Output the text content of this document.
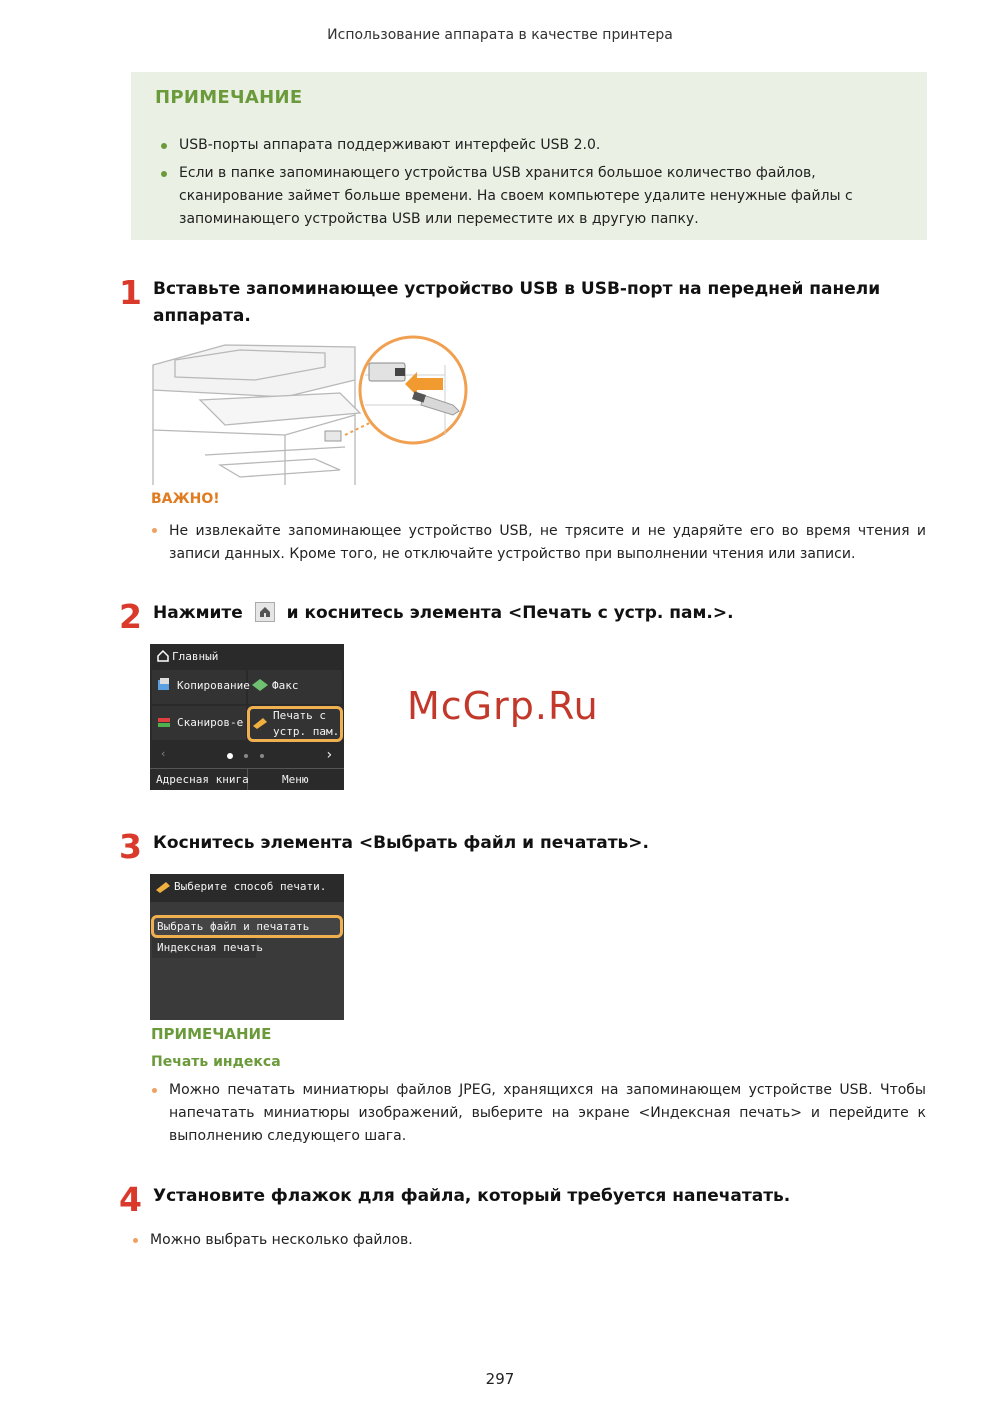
Использование аппарата в качестве принтера
ПРИМЕЧАНИЕ
USB-порты аппарата поддерживают интерфейс USB 2.0.
Если в папке запоминающего устройства USB хранится большое количество файлов,
сканирование займет больше времени. На своем компьютере удалите ненужные файлы с
запоминающего устройства USB или переместите их в другую папку.
1 Вставьте запоминающее устройство USB в USB-порт на передней панели
аппарата.
ВАЖНО!
Не извлекайте запоминающее устройство USB, не трясите и не ударяйте его во время чтения и записи данных. Кроме того, не отключайте устройство при выполнении чтения или записи.
2 Нажмите	и коснитесь элемента <Печать с устр. пам.>.
Главный
Копирование Факс
Сканиров-е
Печать с
устр. пам.
‹	›
Адресная книга	Меню
McGrp.Ru
3 Коснитесь элемента <Выбрать файл и печатать>.
Выберите способ печати.
Выбрать файл и печатать
Индексная печать
ПРИМЕЧАНИЕ
Печать индекса
Можно печатать миниатюры файлов JPEG, хранящихся на запоминающем устройстве USB. Чтобы напечатать миниатюры изображений, выберите на экране <Индексная печать> и перейдите к выполнению следующего шага.
4 Установите флажок для файла, который требуется напечатать.
Можно выбрать несколько файлов.
297
